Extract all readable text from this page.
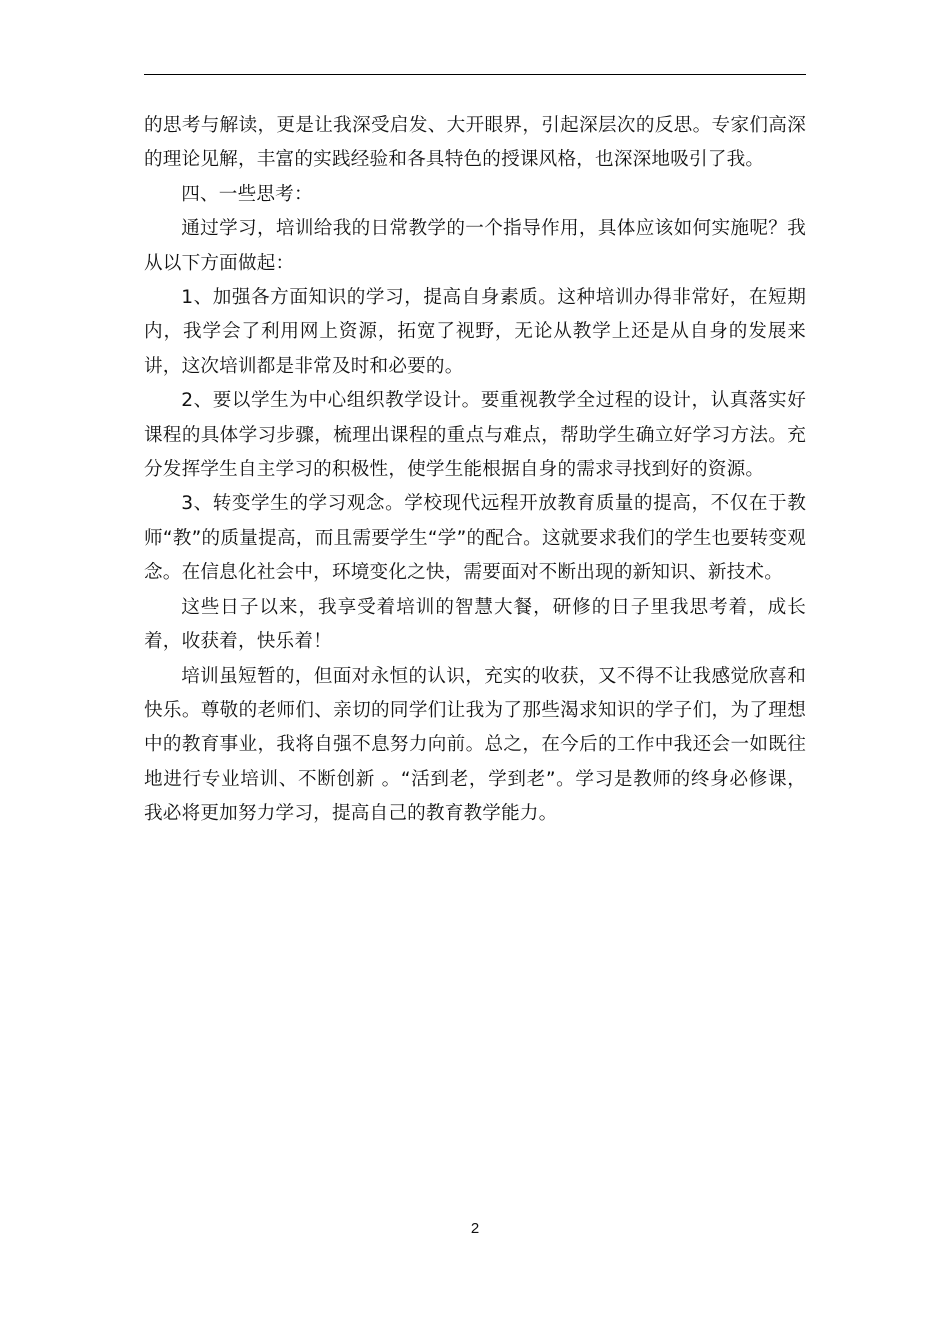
的思考与解读，更是让我深受启发、大开眼界，引起深层次的反思。专家们高深的理论见解，丰富的实践经验和各具特色的授课风格，也深深地吸引了我。

四、一些思考：

通过学习，培训给我的日常教学的一个指导作用，具体应该如何实施呢？我从以下方面做起：

1、加强各方面知识的学习，提高自身素质。这种培训办得非常好，在短期内，我学会了利用网上资源，拓宽了视野，无论从教学上还是从自身的发展来讲，这次培训都是非常及时和必要的。

2、要以学生为中心组织教学设计。要重视教学全过程的设计，认真落实好课程的具体学习步骤，梳理出课程的重点与难点，帮助学生确立好学习方法。充分发挥学生自主学习的积极性，使学生能根据自身的需求寻找到好的资源。

3、转变学生的学习观念。学校现代远程开放教育质量的提高，不仅在于教师“教”的质量提高，而且需要学生“学”的配合。这就要求我们的学生也要转变观念。在信息化社会中，环境变化之快，需要面对不断出现的新知识、新技术。

这些日子以来，我享受着培训的智慧大餐，研修的日子里我思考着，成长着，收获着，快乐着！

培训虽短暂的，但面对永恒的认识，充实的收获，又不得不让我感觉欣喜和快乐。尊敬的老师们、亲切的同学们让我为了那些渴求知识的学子们，为了理想中的教育事业，我将自强不息努力向前。总之，在今后的工作中我还会一如既往地进行专业培训、不断创新 。“活到老，学到老”。学习是教师的终身必修课，我必将更加努力学习，提高自己的教育教学能力。

2
